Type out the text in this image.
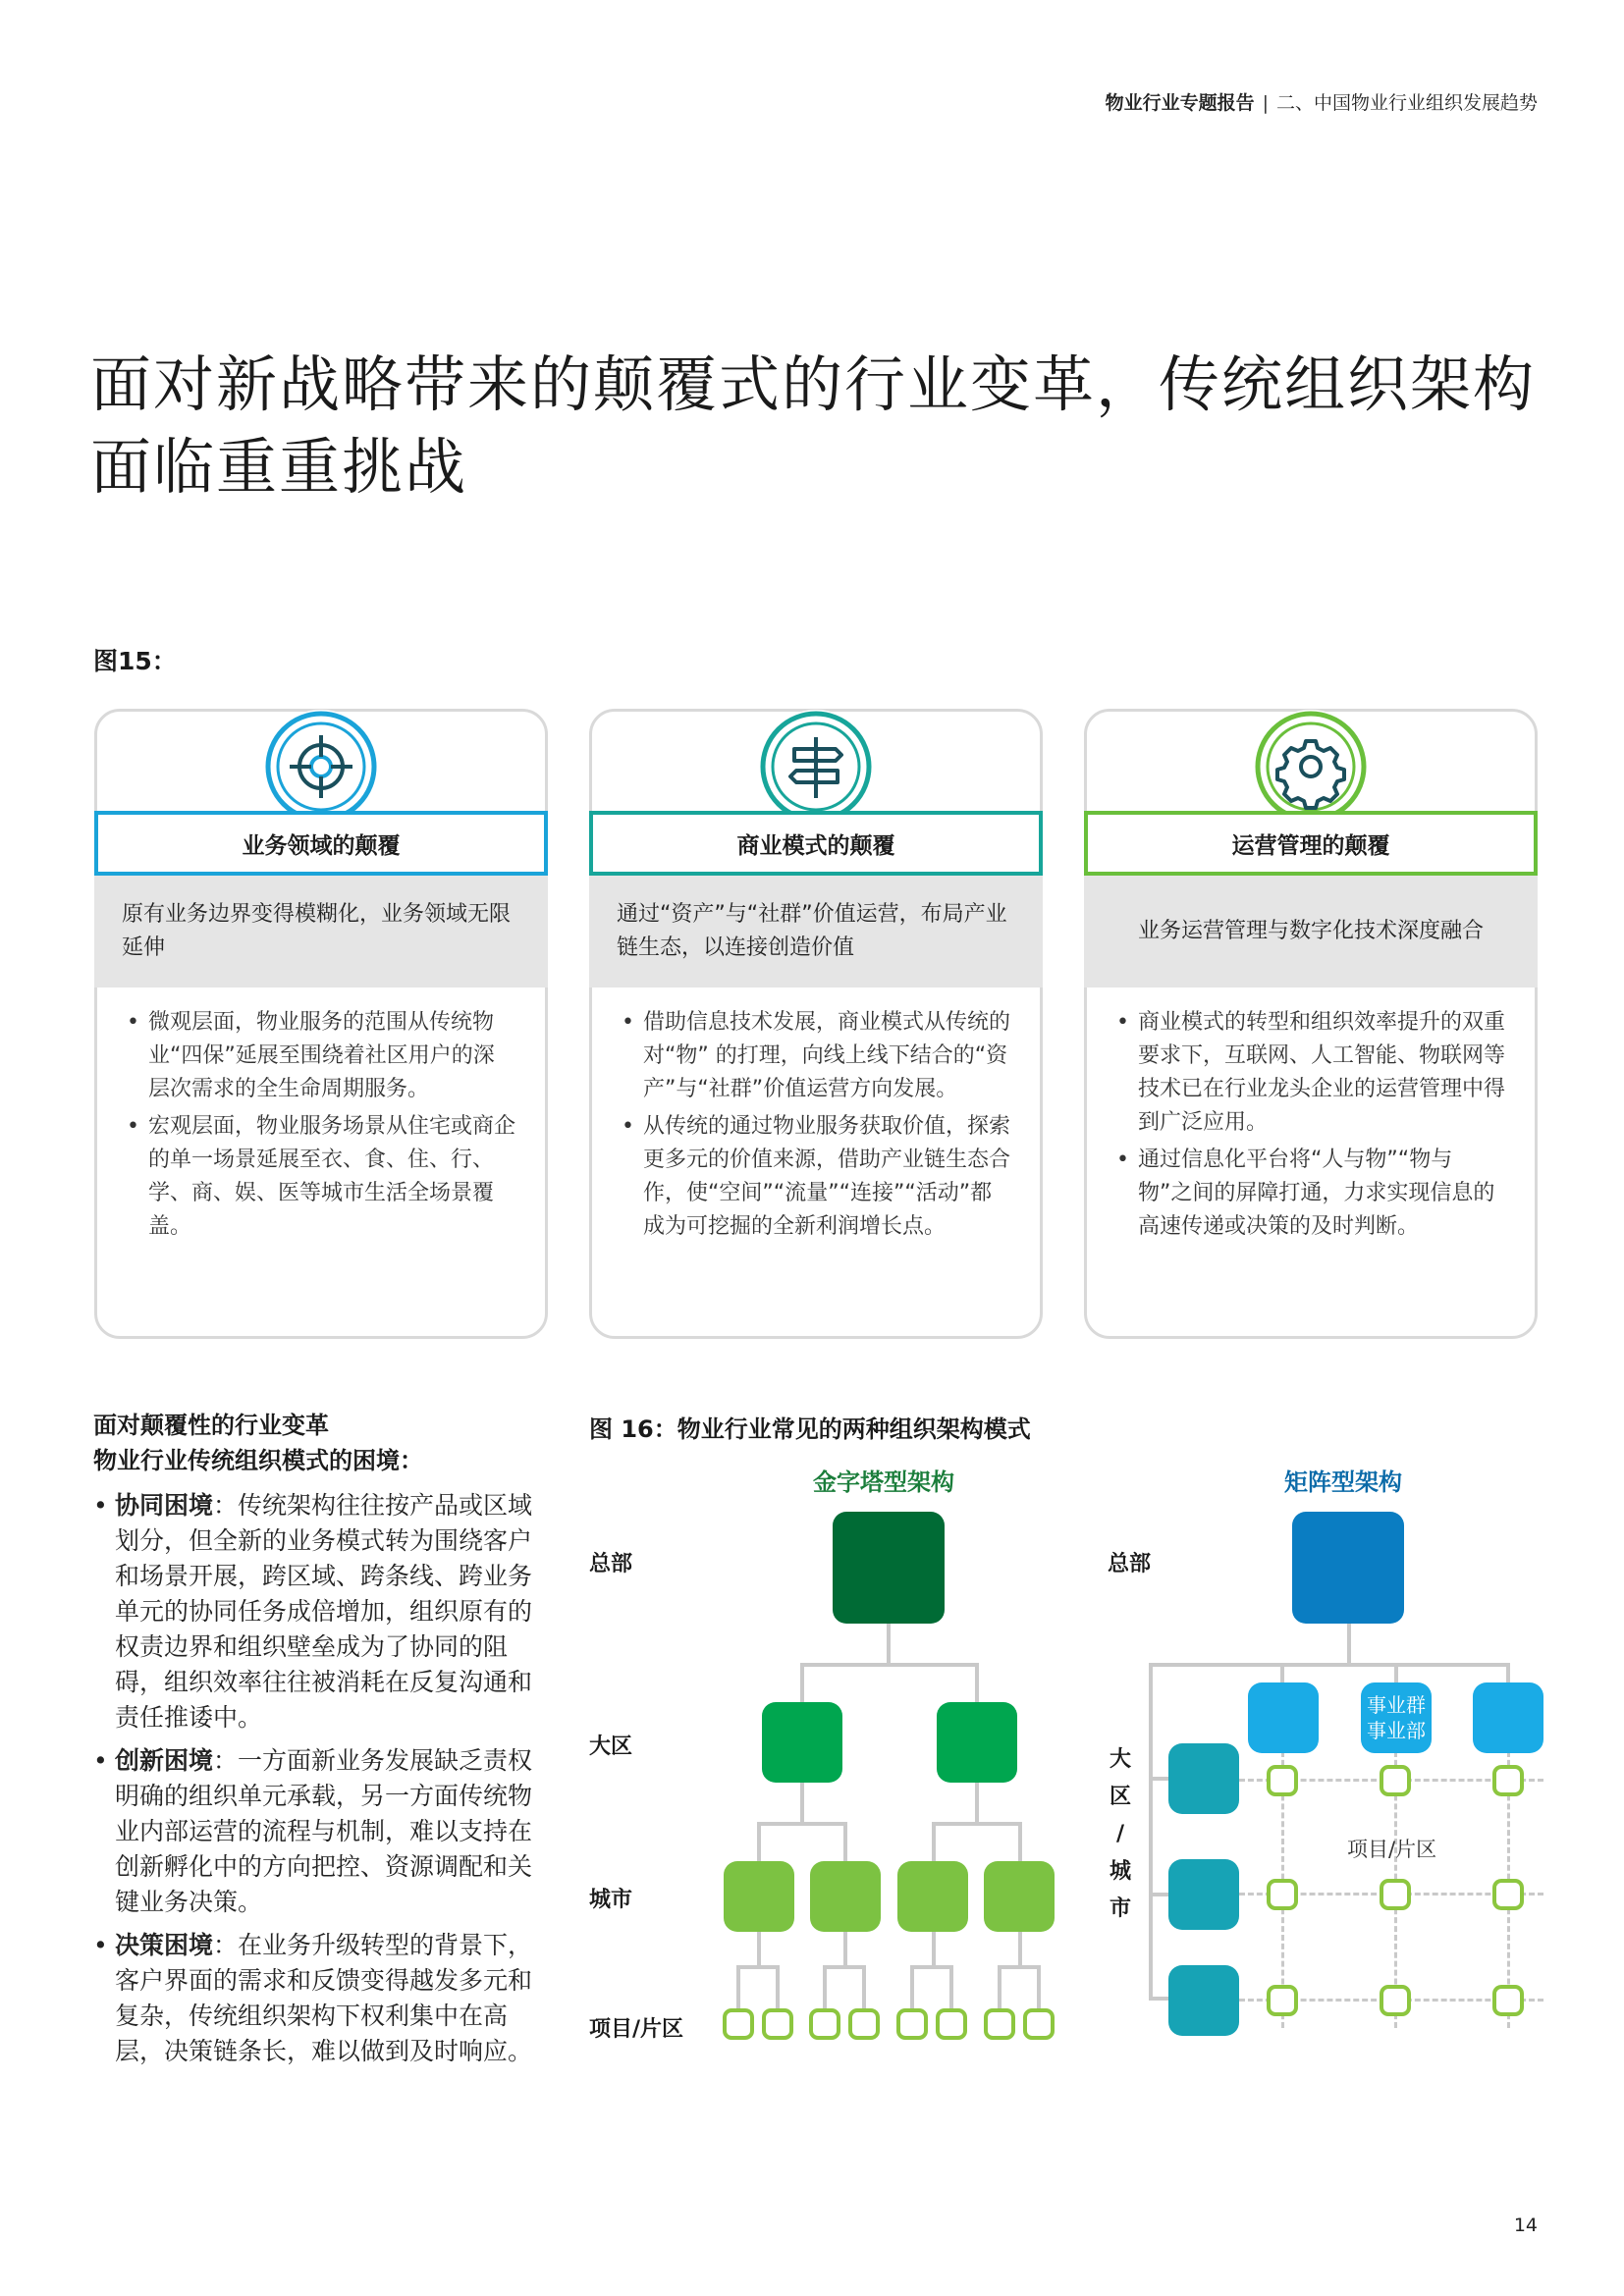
物业行业专题报告 | 二、中国物业行业组织发展趋势
面对新战略带来的颠覆式的行业变革，传统组织架构面临重重挑战
图15：
业务领域的颠覆
原有业务边界变得模糊化，业务领域无限延伸
• 微观层面，物业服务的范围从传统物业“四保”延展至围绕着社区用户的深层次需求的全生命周期服务。
• 宏观层面，物业服务场景从住宅或商企的单一场景延展至衣、食、住、行、学、商、娱、医等城市生活全场景覆盖。
商业模式的颠覆
通过“资产”与“社群”价值运营，布局产业链生态，以连接创造价值
• 借助信息技术发展，商业模式从传统的对“物” 的打理，向线上线下结合的“资产”与“社群”价值运营方向发展。
• 从传统的通过物业服务获取价值，探索更多元的价值来源，借助产业链生态合作，使“空间”“流量”“连接”“活动”都成为可挖掘的全新利润增长点。
运营管理的颠覆
业务运营管理与数字化技术深度融合
• 商业模式的转型和组织效率提升的双重要求下，互联网、人工智能、物联网等技术已在行业龙头企业的运营管理中得到广泛应用。
• 通过信息化平台将“人与物”“物与物”之间的屏障打通，力求实现信息的高速传递或决策的及时判断。
面对颠覆性的行业变革
物业行业传统组织模式的困境：
• 协同困境：传统架构往往按产品或区域划分，但全新的业务模式转为围绕客户和场景开展，跨区域、跨条线、跨业务单元的协同任务成倍增加，组织原有的权责边界和组织壁垒成为了协同的阻碍，组织效率往往被消耗在反复沟通和责任推诿中。
• 创新困境：一方面新业务发展缺乏责权明确的组织单元承载，另一方面传统物业内部运营的流程与机制，难以支持在创新孵化中的方向把控、资源调配和关键业务决策。
• 决策困境：在业务升级转型的背景下，客户界面的需求和反馈变得越发多元和复杂，传统组织架构下权利集中在高层，决策链条长，难以做到及时响应。
图 16：物业行业常见的两种组织架构模式
金字塔型架构	矩阵型架构
总部
大区
城市
项目/片区
总部
大
区
/
城
市
事业群
事业部
项目/片区
14
